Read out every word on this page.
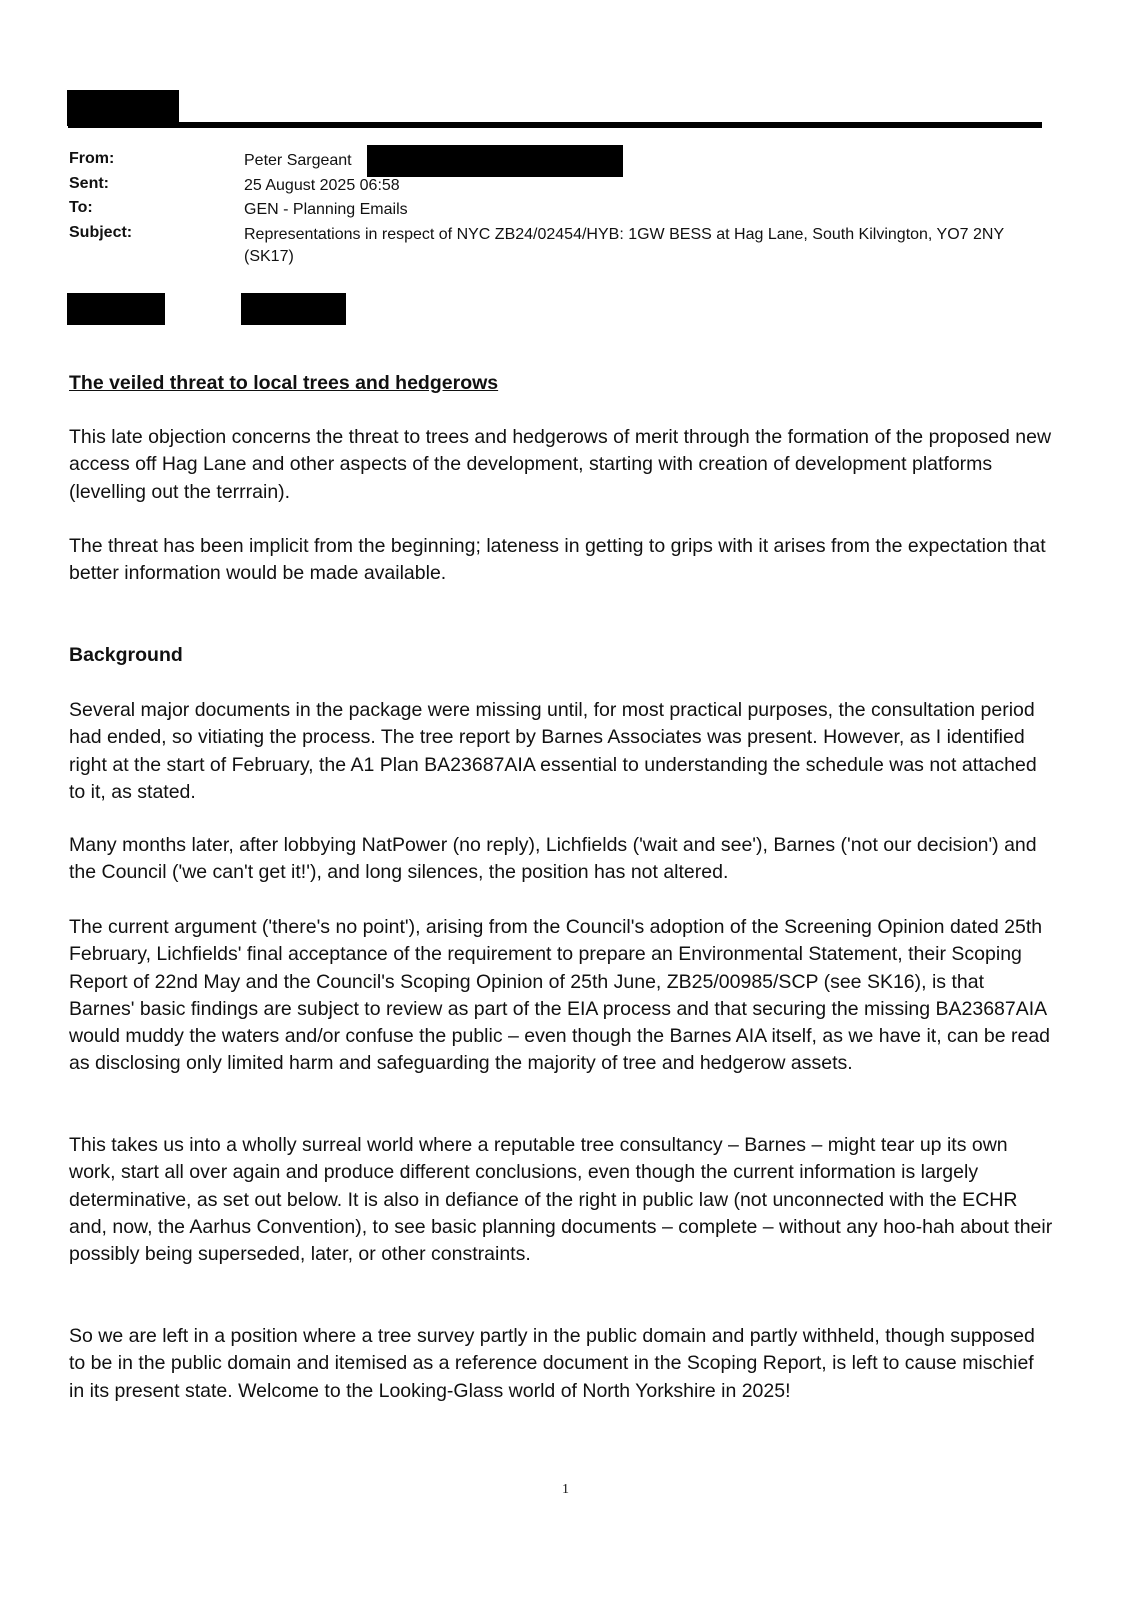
From:	Peter Sargeant
Sent:	25 August 2025 06:58
To:	GEN - Planning Emails
Subject:	Representations in respect of NYC ZB24/02454/HYB: 1GW BESS at Hag Lane, South Kilvington, YO7 2NY (SK17)

The veiled threat to local trees and hedgerows

This late objection concerns the threat to trees and hedgerows of merit through the formation of the proposed new access off Hag Lane and other aspects of the development, starting with creation of development platforms (levelling out the terrrain).

The threat has been implicit from the beginning; lateness in getting to grips with it arises from the expectation that better information would be made available.

Background

Several major documents in the package were missing until, for most practical purposes, the consultation period had ended, so vitiating the process. The tree report by Barnes Associates was present. However, as I identified right at the start of February, the A1 Plan BA23687AIA essential to understanding the schedule was not attached to it, as stated.

Many months later, after lobbying NatPower (no reply), Lichfields ('wait and see'), Barnes ('not our decision') and the Council ('we can't get it!'), and long silences, the position has not altered.

The current argument ('there's no point'), arising from the Council's adoption of the Screening Opinion dated 25th February, Lichfields' final acceptance of the requirement to prepare an Environmental Statement, their Scoping Report of 22nd May and the Council's Scoping Opinion of 25th June, ZB25/00985/SCP (see SK16), is that Barnes' basic findings are subject to review as part of the EIA process and that securing the missing BA23687AIA would muddy the waters and/or confuse the public – even though the Barnes AIA itself, as we have it, can be read as disclosing only limited harm and safeguarding the majority of tree and hedgerow assets.

This takes us into a wholly surreal world where a reputable tree consultancy – Barnes – might tear up its own work, start all over again and produce different conclusions, even though the current information is largely determinative, as set out below. It is also in defiance of the right in public law (not unconnected with the ECHR and, now, the Aarhus Convention), to see basic planning documents – complete – without any hoo-hah about their possibly being superseded, later, or other constraints.

So we are left in a position where a tree survey partly in the public domain and partly withheld, though supposed to be in the public domain and itemised as a reference document in the Scoping Report, is left to cause mischief in its present state. Welcome to the Looking-Glass world of North Yorkshire in 2025!

1
